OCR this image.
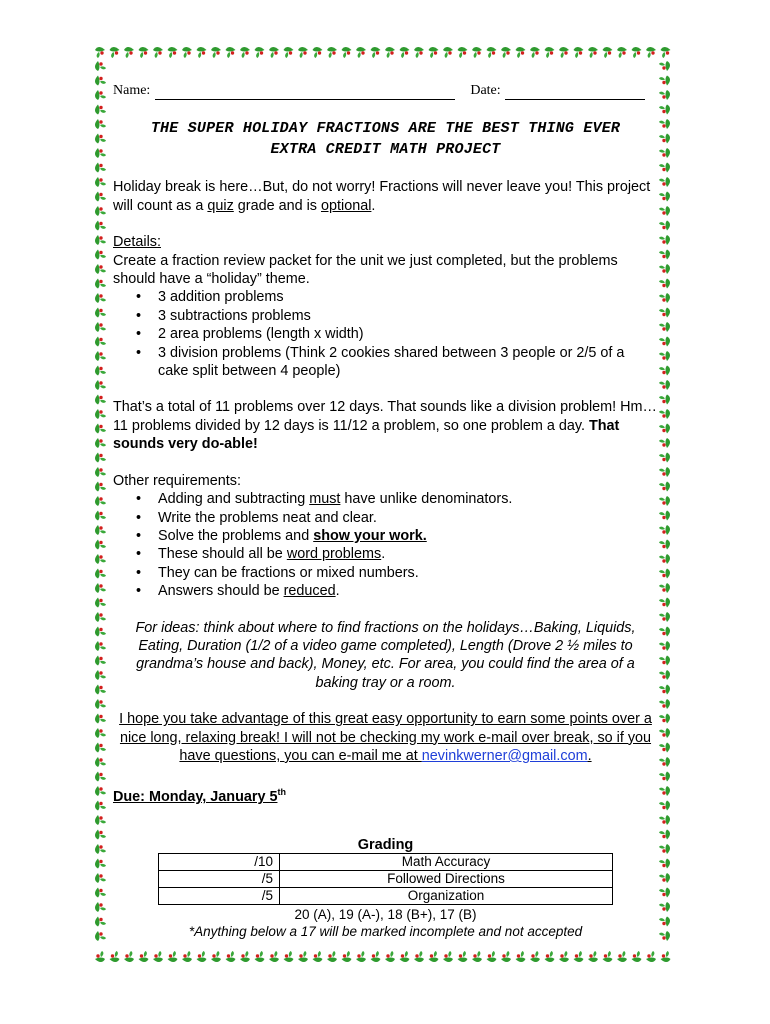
Name:	Date:
THE SUPER HOLIDAY FRACTIONS ARE THE BEST THING EVER
EXTRA CREDIT MATH PROJECT

Holiday break is here…But, do not worry! Fractions will never leave you! This project will count as a quiz grade and is optional.

Details:

Create a fraction review packet for the unit we just completed, but the problems should have a “holiday” theme.

• 3 addition problems
• 3 subtractions problems
• 2 area problems (length x width)
• 3 division problems (Think 2 cookies shared between 3 people or 2/5 of a cake split between 4 people)

That’s a total of 11 problems over 12 days. That sounds like a division problem! Hm… 11 problems divided by 12 days is 11/12 a problem, so one problem a day. That sounds very do-able!

Other requirements:

• Adding and subtracting must have unlike denominators.
• Write the problems neat and clear.
• Solve the problems and show your work.
• These should all be word problems.
• They can be fractions or mixed numbers.
• Answers should be reduced.

For ideas: think about where to find fractions on the holidays…Baking, Liquids, Eating, Duration (1/2 of a video game completed), Length (Drove 2 ½ miles to grandma’s house and back), Money, etc. For area, you could find the area of a baking tray or a room.

I hope you take advantage of this great easy opportunity to earn some points over a nice long, relaxing break! I will not be checking my work e-mail over break, so if you have questions, you can e-mail me at nevinkwerner@gmail.com.

Due: Monday, January 5th

Grading
/10	Math Accuracy
/5	Followed Directions
/5	Organization
20 (A), 19 (A-), 18 (B+), 17 (B)
*Anything below a 17 will be marked incomplete and not accepted
